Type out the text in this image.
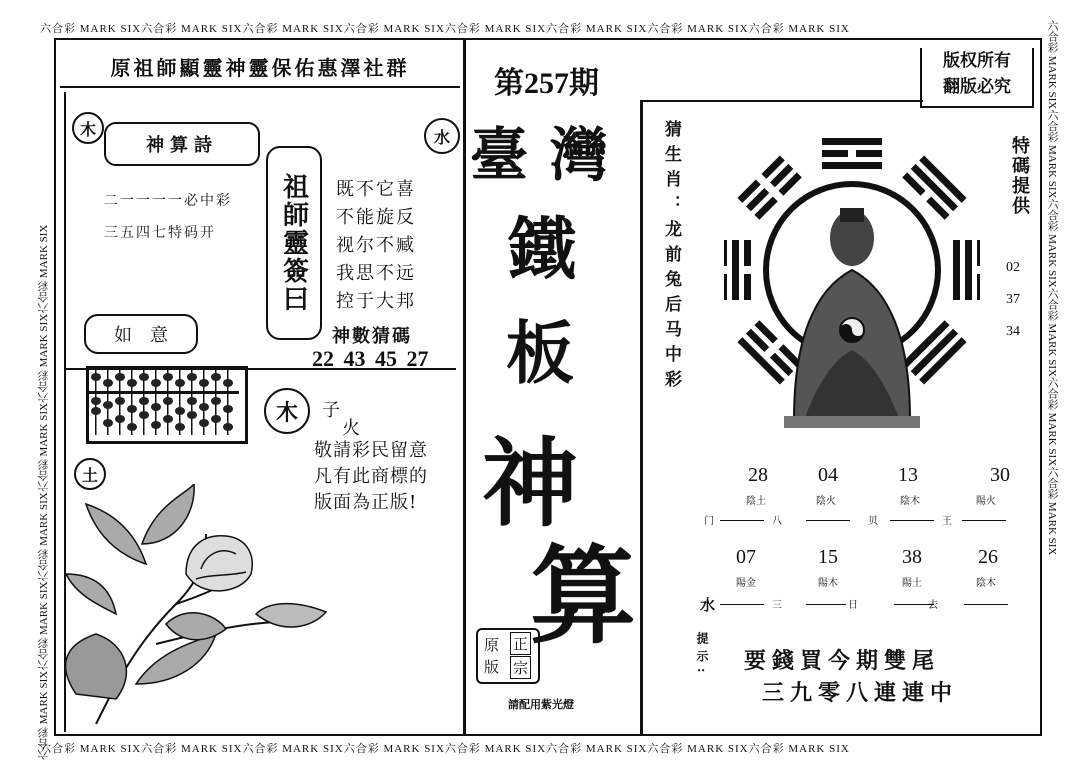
六合彩 MARK SIX六合彩 MARK SIX六合彩 MARK SIX六合彩 MARK SIX六合彩 MARK SIX六合彩 MARK SIX六合彩 MARK SIX六合彩 MARK SIX
六合彩 MARK SIX六合彩 MARK SIX六合彩 MARK SIX六合彩 MARK SIX六合彩 MARK SIX六合彩 MARK SIX六合彩 MARK SIX六合彩 MARK SIX
六合彩 MARK SIX六合彩 MARK SIX六合彩 MARK SIX六合彩 MARK SIX六合彩 MARK SIX六合彩 MARK SIX	六合彩 MARK SIX六合彩 MARK SIX六合彩 MARK SIX六合彩 MARK SIX六合彩 MARK SIX六合彩 MARK SIX
原祖師顯靈神靈保佑惠澤社群
木	水
神算詩
二一一一一必中彩
三五四七特码开	祖師靈簽曰	既不它喜
不能旋反
视尔不臧
我思不远
控于大邦
如　意	神數猜碼
22 43 45 27
木	子
火
敬請彩民留意
凡有此商標的
版面為正版!
土
第257期
臺灣
鐵
板
神
算
原 正
版 宗
請配用紫光燈
版权所有
翻版必究
猜生肖：龙前兔后马中彩	特碼提供
02
37
34
28	04	13	30
陰土	陰火	陰木	陽火
门	八	贝	王
07	15	38	26
陽金	陽木	陽土	陰木
水	三	日	去
提示: 要錢買今期雙尾
三九零八連連中
